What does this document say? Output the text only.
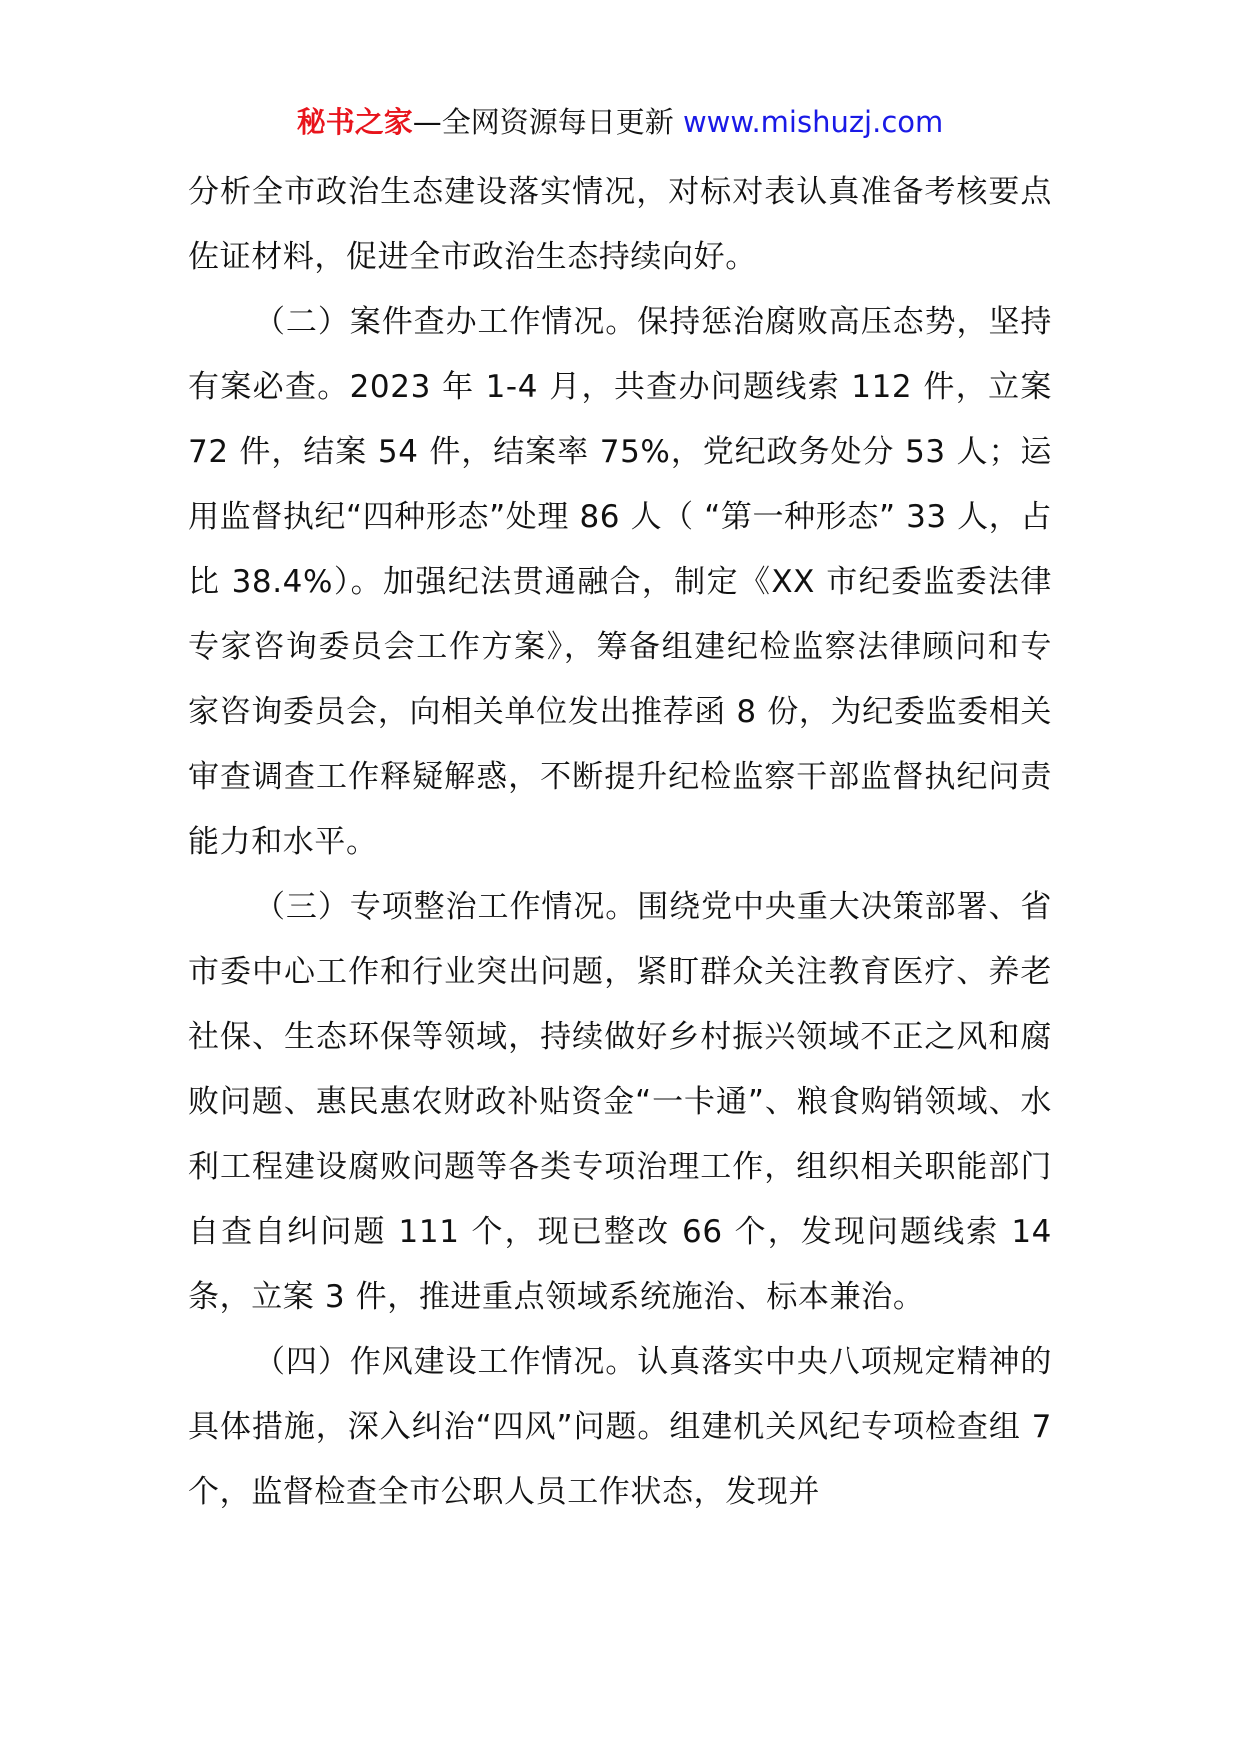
秘书之家—全网资源每日更新 www.mishuzj.com

分析全市政治生态建设落实情况，对标对表认真准备考核要点佐证材料，促进全市政治生态持续向好。

（二）案件查办工作情况。保持惩治腐败高压态势，坚持有案必查。2023 年 1-4 月，共查办问题线索 112 件，立案 72 件，结案 54 件，结案率 75%，党纪政务处分 53 人；运用监督执纪“四种形态”处理 86 人（ “第一种形态” 33 人，占比 38.4%）。加强纪法贯通融合，制定《XX 市纪委监委法律专家咨询委员会工作方案》，筹备组建纪检监察法律顾问和专家咨询委员会，向相关单位发出推荐函 8 份，为纪委监委相关审查调查工作释疑解惑，不断提升纪检监察干部监督执纪问责能力和水平。

（三）专项整治工作情况。围绕党中央重大决策部署、省市委中心工作和行业突出问题，紧盯群众关注教育医疗、养老社保、生态环保等领域，持续做好乡村振兴领域不正之风和腐败问题、惠民惠农财政补贴资金“一卡通”、粮食购销领域、水利工程建设腐败问题等各类专项治理工作，组织相关职能部门自查自纠问题 111 个，现已整改 66 个，发现问题线索 14 条，立案 3 件，推进重点领域系统施治、标本兼治。

（四）作风建设工作情况。认真落实中央八项规定精神的具体措施，深入纠治“四风”问题。组建机关风纪专项检查组 7 个，监督检查全市公职人员工作状态，发现并
